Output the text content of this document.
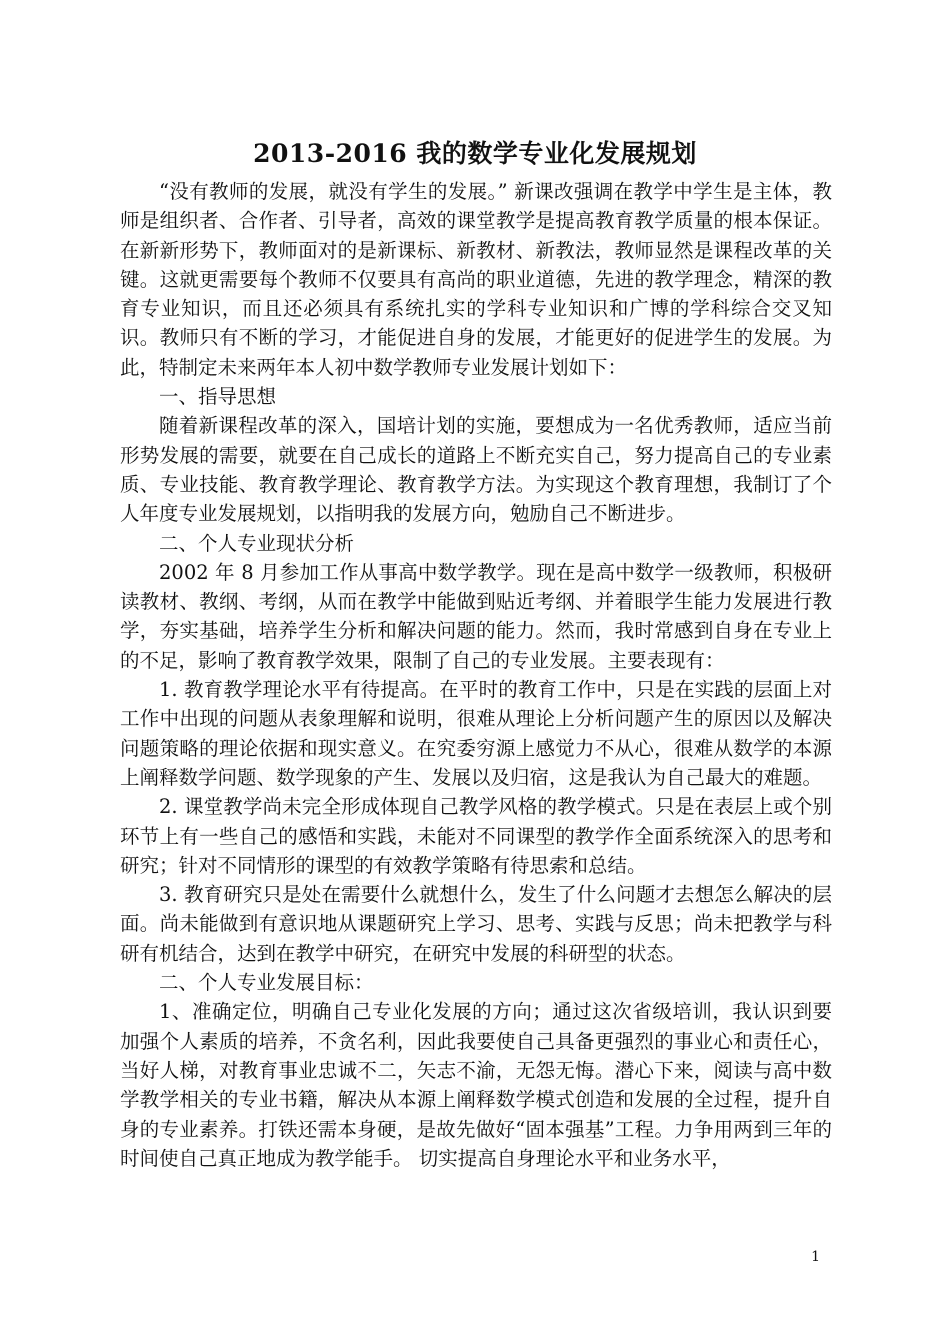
2013-2016 我的数学专业化发展规划

“没有教师的发展，就没有学生的发展。” 新课改强调在教学中学生是主体，教师是组织者、合作者、引导者，高效的课堂教学是提高教育教学质量的根本保证。在新新形势下，教师面对的是新课标、新教材、新教法，教师显然是课程改革的关键。这就更需要每个教师不仅要具有高尚的职业道德，先进的教学理念，精深的教育专业知识，而且还必须具有系统扎实的学科专业知识和广博的学科综合交叉知识。教师只有不断的学习，才能促进自身的发展，才能更好的促进学生的发展。为此，特制定未来两年本人初中数学教师专业发展计划如下：

一、指导思想

随着新课程改革的深入，国培计划的实施，要想成为一名优秀教师，适应当前形势发展的需要，就要在自己成长的道路上不断充实自己，努力提高自己的专业素质、专业技能、教育教学理论、教育教学方法。为实现这个教育理想，我制订了个人年度专业发展规划，以指明我的发展方向，勉励自己不断进步。

二、个人专业现状分析

2002 年 8 月参加工作从事高中数学教学。现在是高中数学一级教师，积极研读教材、教纲、考纲，从而在教学中能做到贴近考纲、并着眼学生能力发展进行教学，夯实基础，培养学生分析和解决问题的能力。然而，我时常感到自身在专业上的不足，影响了教育教学效果，限制了自己的专业发展。主要表现有：

1. 教育教学理论水平有待提高。在平时的教育工作中，只是在实践的层面上对工作中出现的问题从表象理解和说明，很难从理论上分析问题产生的原因以及解决问题策略的理论依据和现实意义。在究委穷源上感觉力不从心，很难从数学的本源上阐释数学问题、数学现象的产生、发展以及归宿，这是我认为自己最大的难题。

2. 课堂教学尚未完全形成体现自己教学风格的教学模式。只是在表层上或个别环节上有一些自己的感悟和实践，未能对不同课型的教学作全面系统深入的思考和研究；针对不同情形的课型的有效教学策略有待思索和总结。

3. 教育研究只是处在需要什么就想什么，发生了什么问题才去想怎么解决的层面。尚未能做到有意识地从课题研究上学习、思考、实践与反思；尚未把教学与科研有机结合，达到在教学中研究，在研究中发展的科研型的状态。

二、个人专业发展目标：

1、准确定位，明确自己专业化发展的方向；通过这次省级培训，我认识到要加强个人素质的培养，不贪名利，因此我要使自己具备更强烈的事业心和责任心，当好人梯，对教育事业忠诚不二，矢志不渝，无怨无悔。潜心下来，阅读与高中数学教学相关的专业书籍，解决从本源上阐释数学模式创造和发展的全过程，提升自身的专业素养。打铁还需本身硬，是故先做好“固本强基”工程。力争用两到三年的时间使自己真正地成为教学能手。 切实提高自身理论水平和业务水平，

1
